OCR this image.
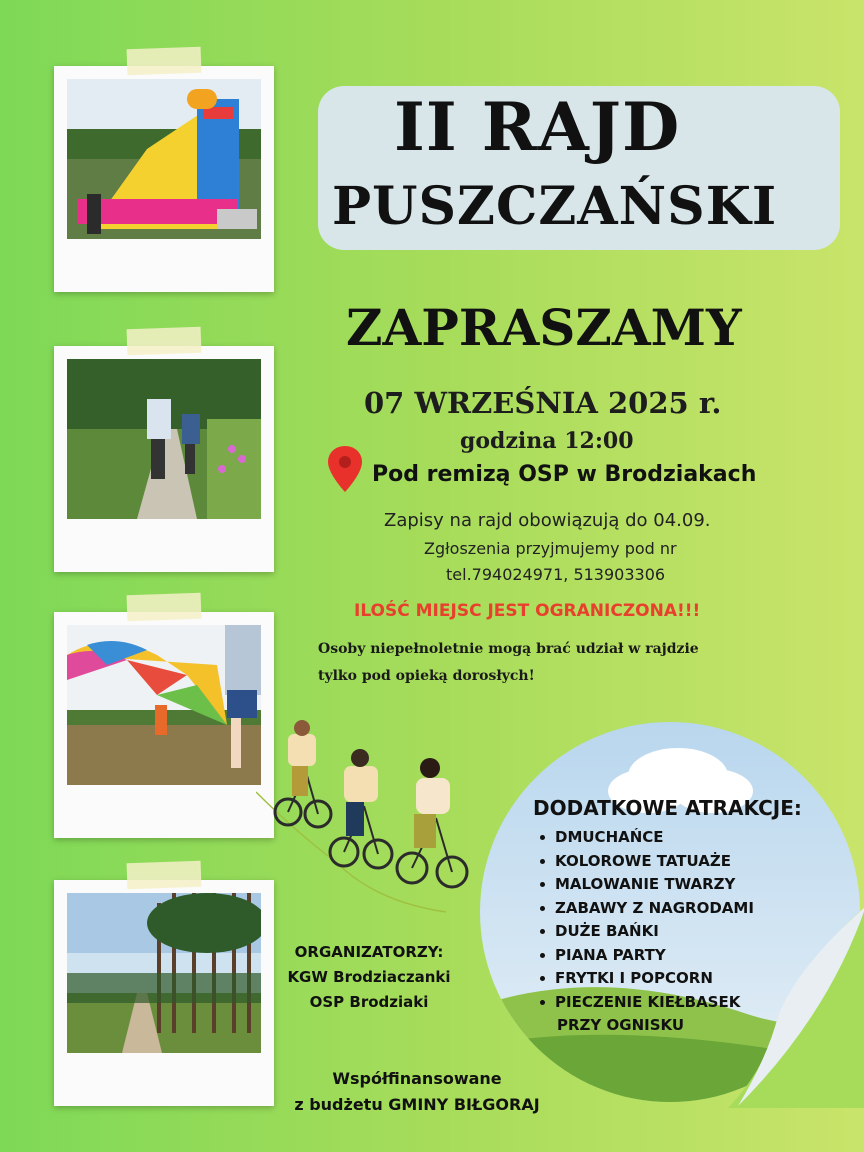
II RAJD
PUSZCZAŃSKI
ZAPRASZAMY
07 WRZEŚNIA 2025 r.
godzina 12:00
Pod remizą OSP w Brodziakach
Zapisy na rajd obowiązują do 04.09.
Zgłoszenia przyjmujemy pod nr
tel.794024971, 513903306
ILOŚĆ MIEJSC JEST OGRANICZONA!!!
Osoby niepełnoletnie mogą brać udział w rajdzie
tylko pod opieką dorosłych!
DODATKOWE ATRAKCJE:
DMUCHAŃCE
KOLOROWE TATUAŻE
MALOWANIE TWARZY
ZABAWY Z NAGRODAMI
DUŻE BAŃKI
PIANA PARTY
FRYTKI I POPCORN
PIECZENIE KIEŁBASEK
PRZY OGNISKU
ORGANIZATORZY:
KGW Brodziaczanki
OSP Brodziaki
Współfinansowane
z budżetu GMINY BIŁGORAJ
